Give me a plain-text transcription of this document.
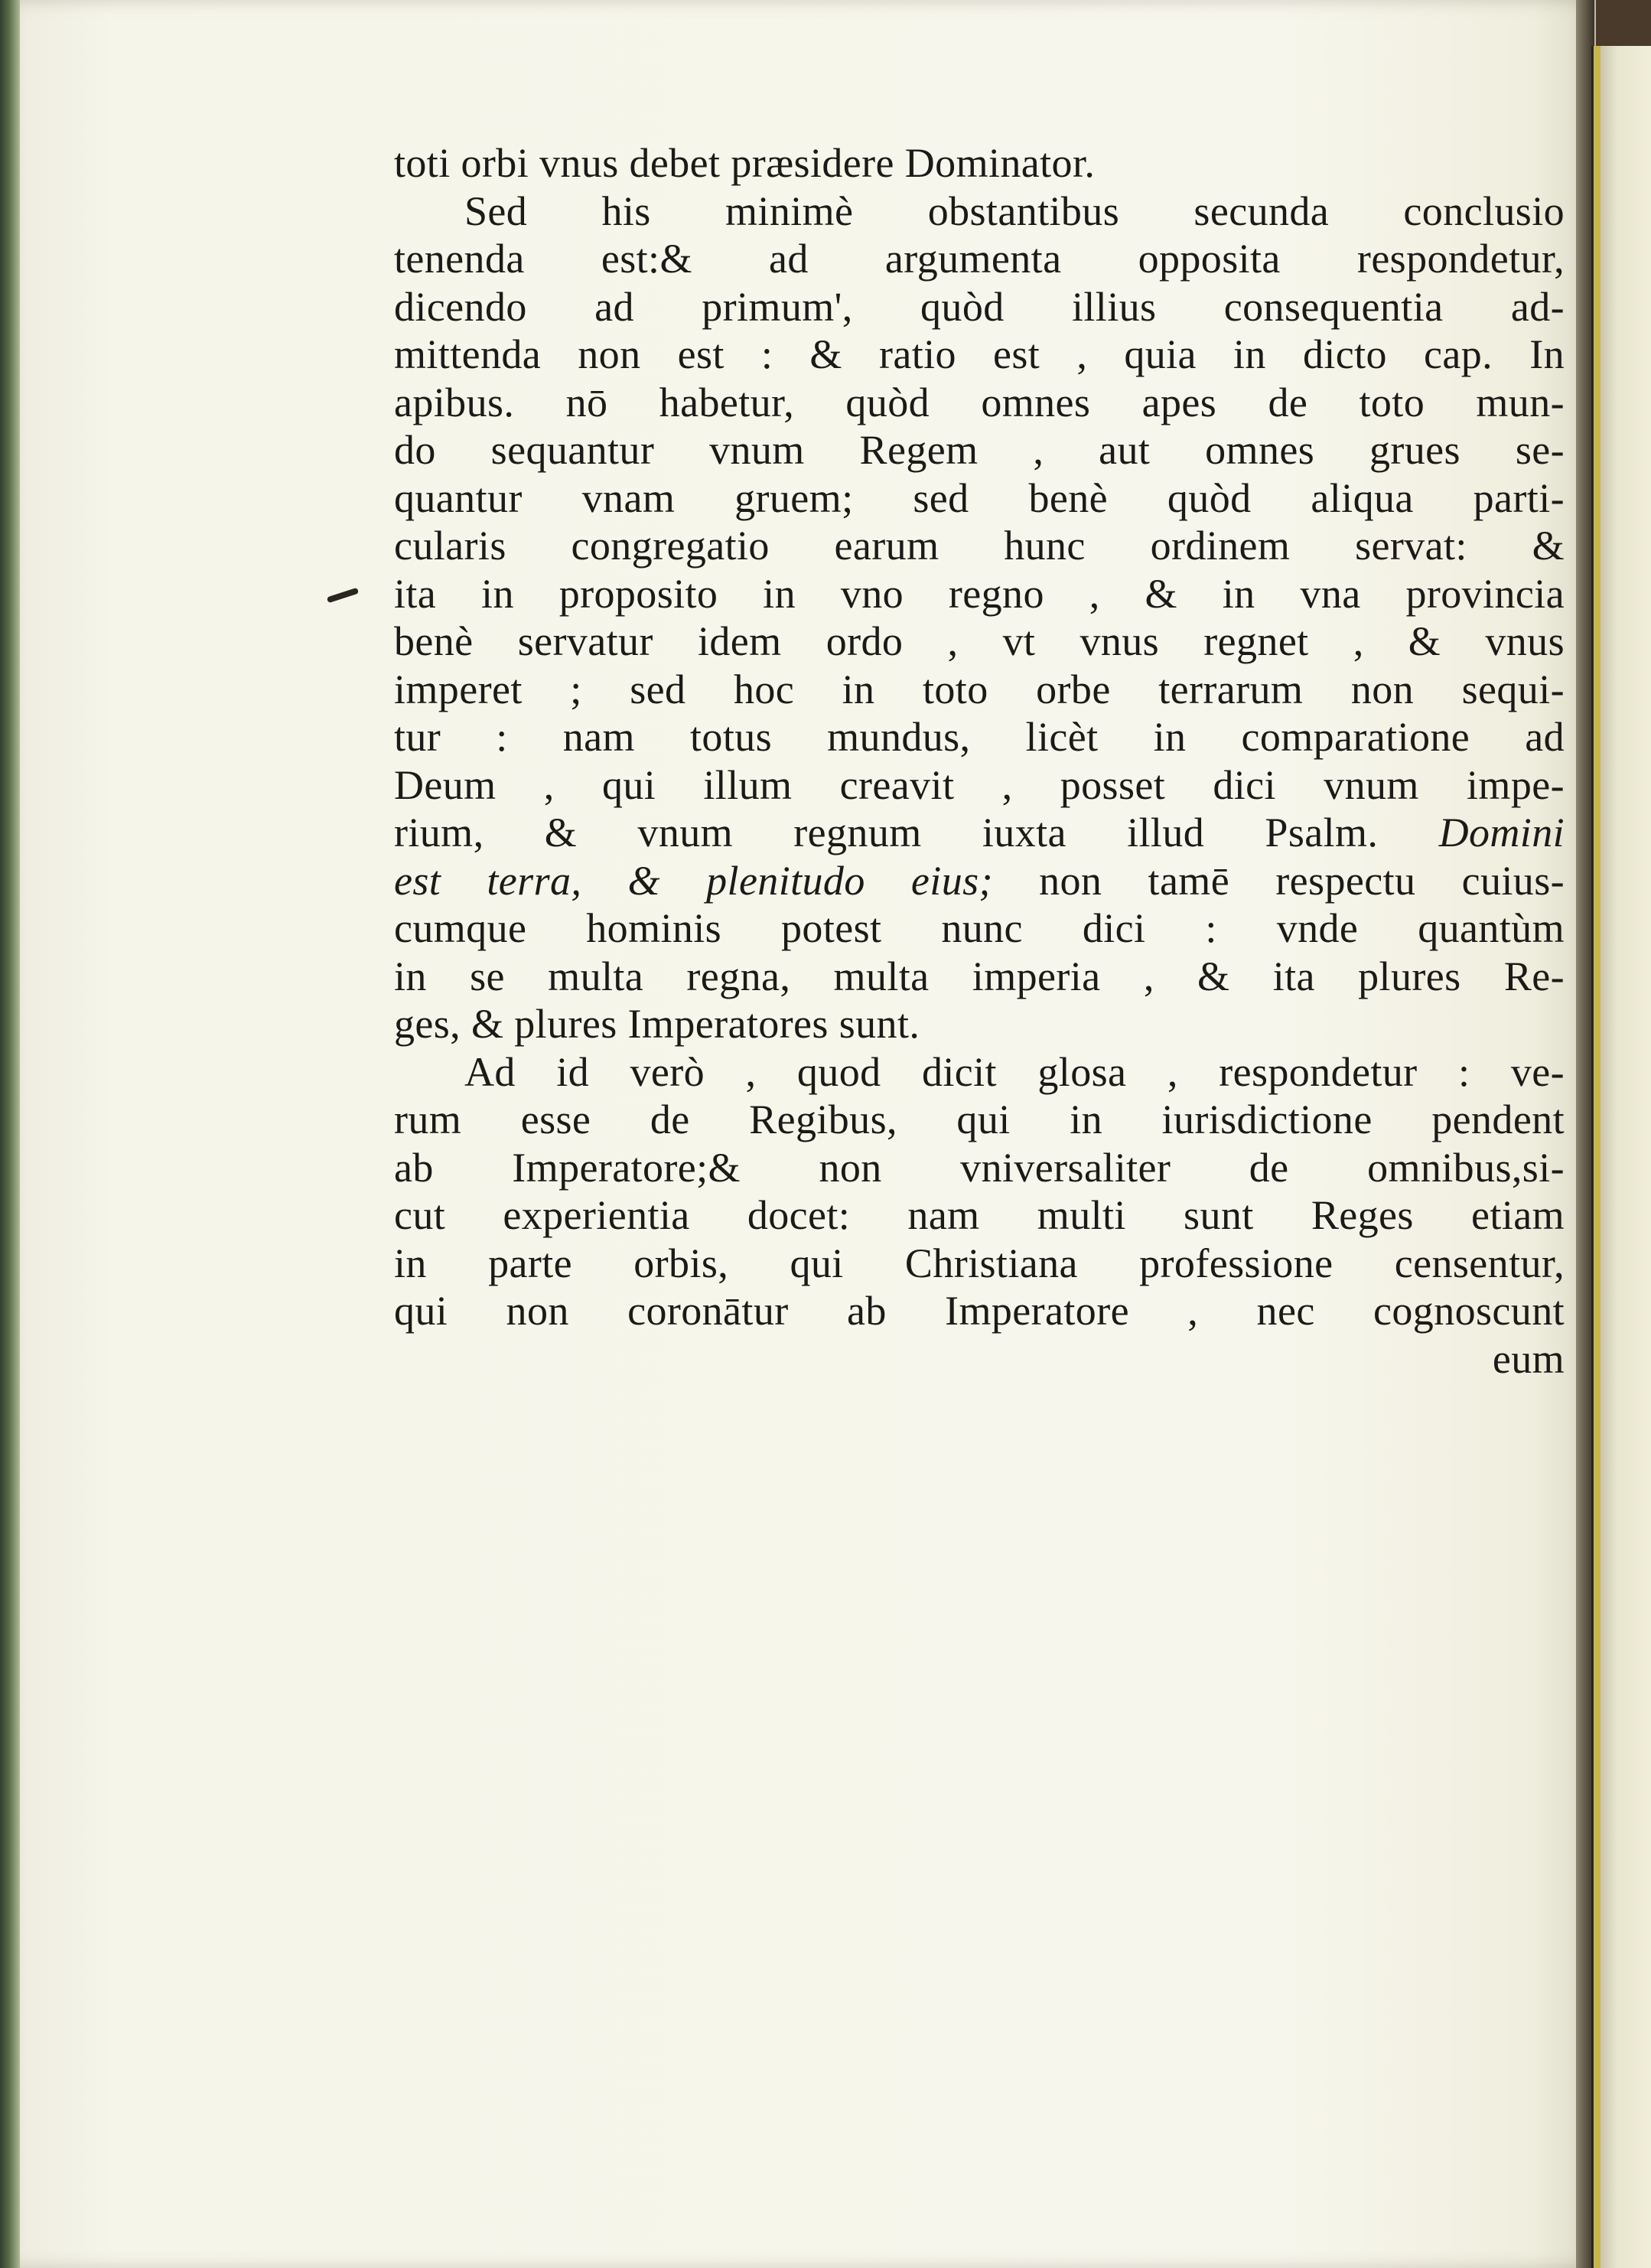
toti orbi vnus debet præsidere Dominator.
Sed his minimè obstantibus secunda conclusio
tenenda est:& ad argumenta opposita respondetur,
dicendo ad primum', quòd illius consequentia ad-
mittenda non est : & ratio est , quia in dicto cap. In
apibus. nō habetur, quòd omnes apes de toto mun-
do sequantur vnum Regem , aut omnes grues se-
quantur vnam gruem; sed benè quòd aliqua parti-
cularis congregatio earum hunc ordinem servat: &
ita in proposito in vno regno , & in vna provincia
benè servatur idem ordo , vt vnus regnet , & vnus
imperet ; sed hoc in toto orbe terrarum non sequi-
tur : nam totus mundus, licèt in comparatione ad
Deum , qui illum creavit , posset dici vnum impe-
rium, & vnum regnum iuxta illud Psalm. Domini
est terra, & plenitudo eius; non tamē respectu cuius-
cumque hominis potest nunc dici : vnde quantùm
in se multa regna, multa imperia , & ita plures Re-
ges, & plures Imperatores sunt.
Ad id verò , quod dicit glosa , respondetur : ve-
rum esse de Regibus, qui in iurisdictione pendent
ab Imperatore;& non vniversaliter de omnibus,si-
cut experientia docet: nam multi sunt Reges etiam
in parte orbis, qui Christiana professione censentur,
qui non coronātur ab Imperatore , nec cognoscunt
eum
